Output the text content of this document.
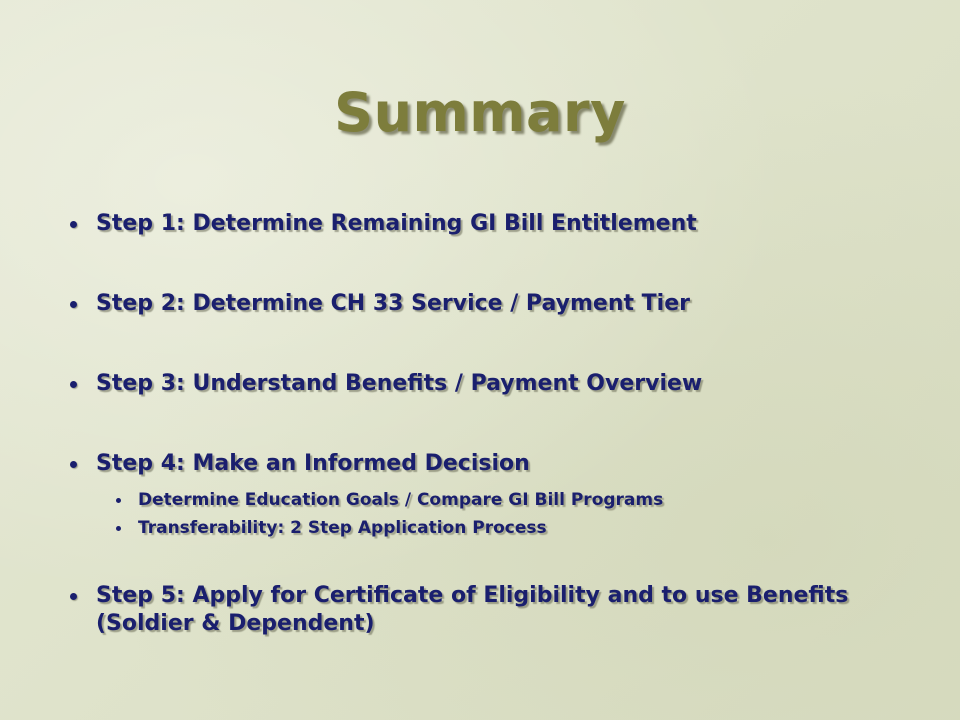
Summary
Step 1: Determine Remaining GI Bill Entitlement
Step 2: Determine CH 33 Service / Payment Tier
Step 3: Understand Benefits / Payment Overview
Step 4: Make an Informed Decision
Determine Education Goals / Compare GI Bill Programs
Transferability: 2 Step Application Process
Step 5: Apply for Certificate of Eligibility and to use Benefits (Soldier & Dependent)
